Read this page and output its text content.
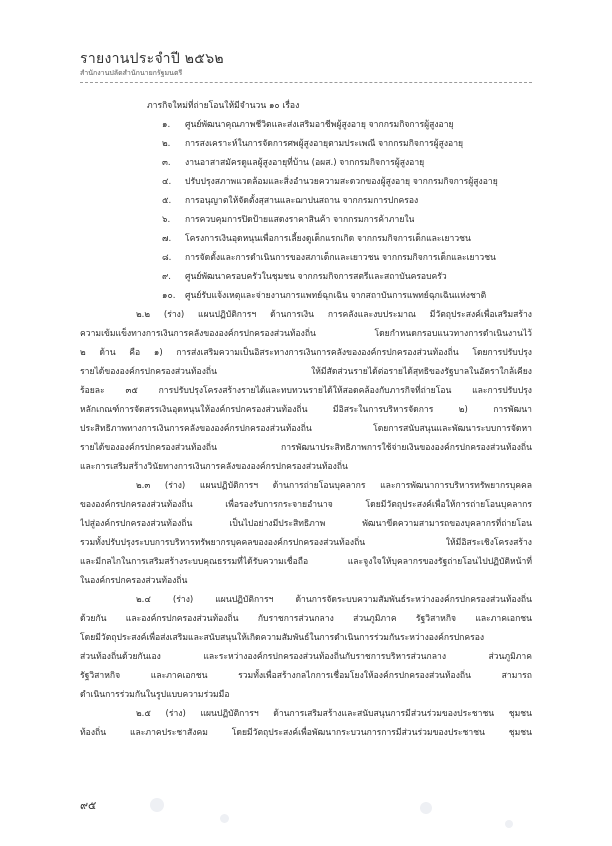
รายงานประจำปี ๒๕๖๒
สำนักงานปลัดสำนักนายกรัฐมนตรี
ภารกิจใหม่ที่ถ่ายโอนให้มีจำนวน ๑๐ เรื่อง
๑.	ศูนย์พัฒนาคุณภาพชีวิตและส่งเสริมอาชีพผู้สูงอายุ จากกรมกิจการผู้สูงอายุ
๒.	การสงเคราะห์ในการจัดการศพผู้สูงอายุตามประเพณี จากกรมกิจการผู้สูงอายุ
๓.	งานอาสาสมัครดูแลผู้สูงอายุที่บ้าน (อผส.) จากกรมกิจการผู้สูงอายุ
๔.	ปรับปรุงสภาพแวดล้อมและสิ่งอำนวยความสะดวกของผู้สูงอายุ จากกรมกิจการผู้สูงอายุ
๕.	การอนุญาตให้จัดตั้งสุสานและฌาปนสถาน จากกรมการปกครอง
๖.	การควบคุมการปิดป้ายแสดงราคาสินค้า จากกรมการค้าภายใน
๗.	โครงการเงินอุดหนุนเพื่อการเลี้ยงดูเด็กแรกเกิด จากกรมกิจการเด็กและเยาวชน
๘.	การจัดตั้งและการดำเนินการของสภาเด็กและเยาวชน จากกรมกิจการเด็กและเยาวชน
๙.	ศูนย์พัฒนาครอบครัวในชุมชน จากกรมกิจการสตรีและสถาบันครอบครัว
๑๐.	ศูนย์รับแจ้งเหตุและจ่ายงานการแพทย์ฉุกเฉิน จากสถาบันการแพทย์ฉุกเฉินแห่งชาติ
๒.๒ (ร่าง) แผนปฏิบัติการฯ ด้านการเงิน การคลังและงบประมาณ มีวัตถุประสงค์เพื่อเสริมสร้าง
ความเข้มแข็งทางการเงินการคลังขององค์กรปกครองส่วนท้องถิ่น โดยกำหนดกรอบแนวทางการดำเนินงานไว้
๒ ด้าน คือ ๑) การส่งเสริมความเป็นอิสระทางการเงินการคลังขององค์กรปกครองส่วนท้องถิ่น โดยการปรับปรุง
รายได้ขององค์กรปกครองส่วนท้องถิ่น ให้มีสัดส่วนรายได้ต่อรายได้สุทธิของรัฐบาลในอัตราใกล้เคียง
ร้อยละ ๓๕ การปรับปรุงโครงสร้างรายได้และทบทวนรายได้ให้สอดคล้องกับภารกิจที่ถ่ายโอน และการปรับปรุง
หลักเกณฑ์การจัดสรรเงินอุดหนุนให้องค์กรปกครองส่วนท้องถิ่น มีอิสระในการบริหารจัดการ ๒) การพัฒนา
ประสิทธิภาพทางการเงินการคลังขององค์กรปกครองส่วนท้องถิ่น โดยการสนับสนุนและพัฒนาระบบการจัดหา
รายได้ขององค์กรปกครองส่วนท้องถิ่น การพัฒนาประสิทธิภาพการใช้จ่ายเงินขององค์กรปกครองส่วนท้องถิ่น
และการเสริมสร้างวินัยทางการเงินการคลังขององค์กรปกครองส่วนท้องถิ่น
๒.๓ (ร่าง) แผนปฏิบัติการฯ ด้านการถ่ายโอนบุคลากร และการพัฒนาการบริหารทรัพยากรบุคคล
ขององค์กรปกครองส่วนท้องถิ่น เพื่อรองรับการกระจายอำนาจ โดยมีวัตถุประสงค์เพื่อให้การถ่ายโอนบุคลากร
ไปสู่องค์กรปกครองส่วนท้องถิ่น เป็นไปอย่างมีประสิทธิภาพ พัฒนาขีดความสามารถของบุคลากรที่ถ่ายโอน
รวมทั้งปรับปรุงระบบการบริหารทรัพยากรบุคคลขององค์กรปกครองส่วนท้องถิ่น ให้มีอิสระเชิงโครงสร้าง
และมีกลไกในการเสริมสร้างระบบคุณธรรมที่ได้รับความเชื่อถือ และจูงใจให้บุคลากรของรัฐถ่ายโอนไปปฏิบัติหน้าที่
ในองค์กรปกครองส่วนท้องถิ่น
๒.๔ (ร่าง) แผนปฏิบัติการฯ ด้านการจัดระบบความสัมพันธ์ระหว่างองค์กรปกครองส่วนท้องถิ่น
ด้วยกัน และองค์กรปกครองส่วนท้องถิ่น กับราชการส่วนกลาง ส่วนภูมิภาค รัฐวิสาหกิจ และภาคเอกชน
โดยมีวัตถุประสงค์เพื่อส่งเสริมและสนับสนุนให้เกิดความสัมพันธ์ในการดำเนินการร่วมกันระหว่างองค์กรปกครอง
ส่วนท้องถิ่นด้วยกันเอง และระหว่างองค์กรปกครองส่วนท้องถิ่นกับราชการบริหารส่วนกลาง ส่วนภูมิภาค
รัฐวิสาหกิจ และภาคเอกชน รวมทั้งเพื่อสร้างกลไกการเชื่อมโยงให้องค์กรปกครองส่วนท้องถิ่น สามารถ
ดำเนินการร่วมกันในรูปแบบความร่วมมือ
๒.๕ (ร่าง) แผนปฏิบัติการฯ ด้านการเสริมสร้างและสนับสนุนการมีส่วนร่วมของประชาชน ชุมชน
ท้องถิ่น และภาคประชาสังคม โดยมีวัตถุประสงค์เพื่อพัฒนากระบวนการการมีส่วนร่วมของประชาชน ชุมชน
๙๕
